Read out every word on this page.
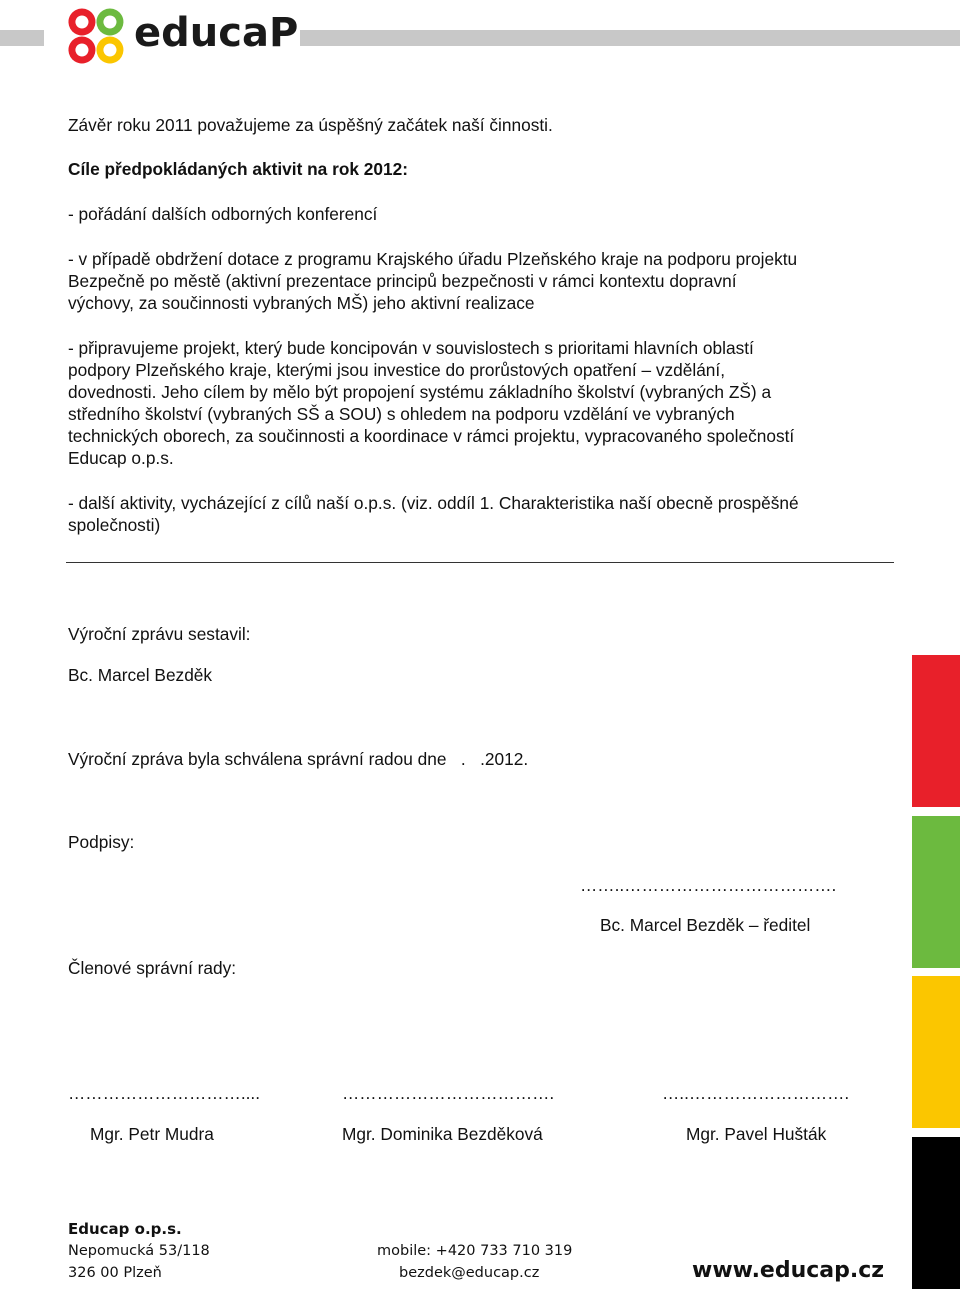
educaP

Závěr roku 2011 považujeme za úspěšný začátek naší činnosti.

Cíle předpokládaných aktivit na rok 2012:

- pořádání dalších odborných konferencí

- v případě obdržení dotace z programu Krajského úřadu Plzeňského kraje na podporu projektu

Bezpečně po městě (aktivní prezentace principů bezpečnosti v rámci kontextu dopravní

výchovy, za součinnosti vybraných MŠ) jeho aktivní realizace

- připravujeme projekt, který bude koncipován v souvislostech s prioritami hlavních oblastí

podpory Plzeňského kraje, kterými jsou investice do prorůstových opatření – vzdělání,

dovednosti. Jeho cílem by mělo být propojení systému základního školství (vybraných ZŠ) a

středního školství (vybraných SŠ a SOU) s ohledem na podporu vzdělání ve vybraných

technických oborech, za součinnosti a koordinace v rámci projektu, vypracovaného společností

Educap o.p.s.

- další aktivity, vycházející z cílů naší o.p.s. (viz. oddíl 1. Charakteristika naší obecně prospěšné

společnosti)

Výroční zprávu sestavil:

Bc. Marcel Bezděk

Výroční zpráva byla schválena správní radou dne   .   .2012.

Podpisy:

……..……………………………….

Bc. Marcel Bezděk – ředitel

Členové správní rady:

…………………………....	……………………………….	…..……………………….

Mgr. Petr Mudra	Mgr. Dominika Bezděková	Mgr. Pavel Hušták

Educap o.p.s.
Nepomucká 53/118
326 00 Plzeň
mobile: +420 733 710 319
bezdek@educap.cz	www.educap.cz
